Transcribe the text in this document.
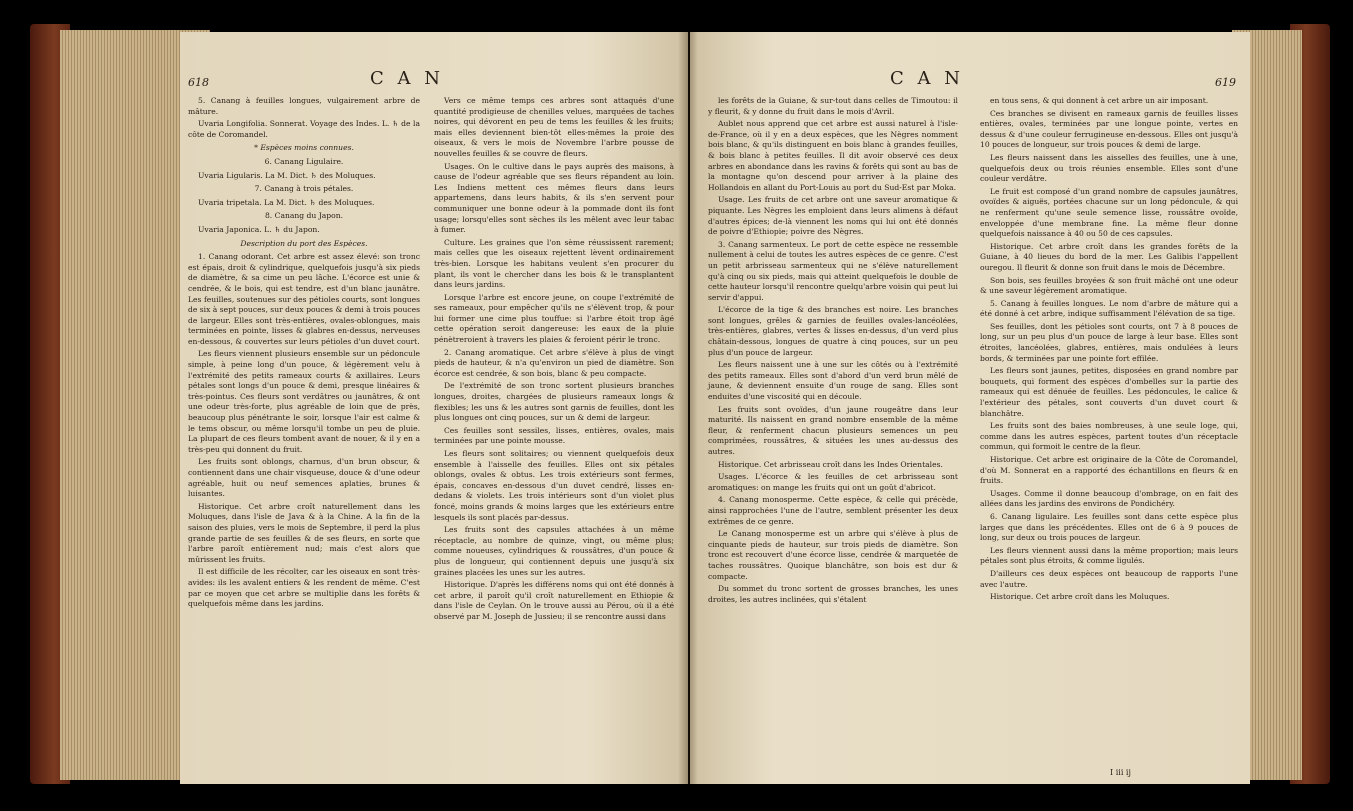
618	C A N

5. Canang à feuilles longues, vulgairement arbre de mâture.

Uvaria Longifolia. Sonnerat. Voyage des Indes. L. ♄ de la côte de Coromandel.

* Espèces moins connues.

6. Canang Ligulaire.

Uvaria Ligularis. La M. Dict. ♄ des Moluques.

7. Canang à trois pétales.

Uvaria tripetala. La M. Dict. ♄ des Moluques.

8. Canang du Japon.

Uvaria Japonica. L. ♄ du Japon.

Description du port des Espèces.

1. Canang odorant. Cet arbre est assez élevé: son tronc est épais, droit & cylindrique, quelquefois jusqu'à six pieds de diamètre, & sa cime un peu lâche. L'écorce est unie & cendrée, & le bois, qui est tendre, est d'un blanc jaunâtre. Les feuilles, soutenues sur des pétioles courts, sont longues de six à sept pouces, sur deux pouces & demi à trois pouces de largeur. Elles sont très-entières, ovales-oblongues, mais terminées en pointe, lisses & glabres en-dessus, nerveuses en-dessous, & couvertes sur leurs pétioles d'un duvet court.

Les fleurs viennent plusieurs ensemble sur un pédoncule simple, à peine long d'un pouce, & légèrement velu à l'extrémité des petits rameaux courts & axillaires. Leurs pétales sont longs d'un pouce & demi, presque linéaires & très-pointus. Ces fleurs sont verdâtres ou jaunâtres, & ont une odeur très-forte, plus agréable de loin que de près, beaucoup plus pénétrante le soir, lorsque l'air est calme & le tems obscur, ou même lorsqu'il tombe un peu de pluie. La plupart de ces fleurs tombent avant de nouer, & il y en a très-peu qui donnent du fruit.

Les fruits sont oblongs, charnus, d'un brun obscur, & contiennent dans une chair visqueuse, douce & d'une odeur agréable, huit ou neuf semences aplaties, brunes & luisantes.

Historique. Cet arbre croît naturellement dans les Moluques, dans l'isle de Java & à la Chine. A la fin de la saison des pluies, vers le mois de Septembre, il perd la plus grande partie de ses feuilles & de ses fleurs, en sorte que l'arbre paroît entièrement nud; mais c'est alors que mûrissent les fruits.

Il est difficile de les récolter, car les oiseaux en sont très-avides: ils les avalent entiers & les rendent de même. C'est par ce moyen que cet arbre se multiplie dans les forêts & quelquefois même dans les jardins.

Vers ce même temps ces arbres sont attaqués d'une quantité prodigieuse de chenilles velues, marquées de taches noires, qui dévorent en peu de tems les feuilles & les fruits; mais elles deviennent bien-tôt elles-mêmes la proie des oiseaux, & vers le mois de Novembre l'arbre pousse de nouvelles feuilles & se couvre de fleurs.

Usages. On le cultive dans le pays auprès des maisons, à cause de l'odeur agréable que ses fleurs répandent au loin. Les Indiens mettent ces mêmes fleurs dans leurs appartemens, dans leurs habits, & ils s'en servent pour communiquer une bonne odeur à la pommade dont ils font usage; lorsqu'elles sont sèches ils les mêlent avec leur tabac à fumer.

Culture. Les graines que l'on sème réussissent rarement; mais celles que les oiseaux rejettent lèvent ordinairement très-bien. Lorsque les habitans veulent s'en procurer du plant, ils vont le chercher dans les bois & le transplantent dans leurs jardins.

Lorsque l'arbre est encore jeune, on coupe l'extrémité de ses rameaux, pour empêcher qu'ils ne s'élèvent trop, & pour lui former une cime plus touffue: si l'arbre étoit trop âgé cette opération seroit dangereuse: les eaux de la pluie pénètreroient à travers les plaies & feroient périr le tronc.

2. Canang aromatique. Cet arbre s'élève à plus de vingt pieds de hauteur, & n'a qu'environ un pied de diamètre. Son écorce est cendrée, & son bois, blanc & peu compacte.

De l'extrémité de son tronc sortent plusieurs branches longues, droites, chargées de plusieurs rameaux longs & flexibles; les uns & les autres sont garnis de feuilles, dont les plus longues ont cinq pouces, sur un & demi de largeur.

Ces feuilles sont sessiles, lisses, entières, ovales, mais terminées par une pointe mousse.

Les fleurs sont solitaires; ou viennent quelquefois deux ensemble à l'aisselle des feuilles. Elles ont six pétales oblongs, ovales & obtus. Les trois extérieurs sont fermes, épais, concaves en-dessous d'un duvet cendré, lisses en-dedans & violets. Les trois intérieurs sont d'un violet plus foncé, moins grands & moins larges que les extérieurs entre lesquels ils sont placés par-dessus.

Les fruits sont des capsules attachées à un même réceptacle, au nombre de quinze, vingt, ou même plus; comme noueuses, cylindriques & roussâtres, d'un pouce & plus de longueur, qui contiennent depuis une jusqu'à six graines placées les unes sur les autres.

Historique. D'après les différens noms qui ont été donnés à cet arbre, il paroît qu'il croît naturellement en Ethiopie & dans l'isle de Ceylan. On le trouve aussi au Pérou, où il a été observé par M. Joseph de Jussieu; il se rencontre aussi dans

C A N	619

les forêts de la Guiane, & sur-tout dans celles de Timoutou: il y fleurit, & y donne du fruit dans le mois d'Avril.

Aublet nous apprend que cet arbre est aussi naturel à l'isle-de-France, où il y en a deux espèces, que les Nègres nomment bois blanc, & qu'ils distinguent en bois blanc à grandes feuilles, & bois blanc à petites feuilles. Il dit avoir observé ces deux arbres en abondance dans les ravins & forêts qui sont au bas de la montagne qu'on descend pour arriver à la plaine des Hollandois en allant du Port-Louis au port du Sud-Est par Moka.

Usage. Les fruits de cet arbre ont une saveur aromatique & piquante. Les Nègres les emploient dans leurs alimens à défaut d'autres épices; de-là viennent les noms qui lui ont été donnés de poivre d'Ethiopie; poivre des Nègres.

3. Canang sarmenteux. Le port de cette espèce ne ressemble nullement à celui de toutes les autres espèces de ce genre. C'est un petit arbrisseau sarmenteux qui ne s'élève naturellement qu'à cinq ou six pieds, mais qui atteint quelquefois le double de cette hauteur lorsqu'il rencontre quelqu'arbre voisin qui peut lui servir d'appui.

L'écorce de la tige & des branches est noire. Les branches sont longues, grêles & garnies de feuilles ovales-lancéolées, très-entières, glabres, vertes & lisses en-dessus, d'un verd plus châtain-dessous, longues de quatre à cinq pouces, sur un peu plus d'un pouce de largeur.

Les fleurs naissent une à une sur les côtés ou à l'extrémité des petits rameaux. Elles sont d'abord d'un verd brun mêlé de jaune, & deviennent ensuite d'un rouge de sang. Elles sont enduites d'une viscosité qui en découle.

Les fruits sont ovoïdes, d'un jaune rougeâtre dans leur maturité. Ils naissent en grand nombre ensemble de la même fleur, & renferment chacun plusieurs semences un peu comprimées, roussâtres, & situées les unes au-dessus des autres.

Historique. Cet arbrisseau croît dans les Indes Orientales.

Usages. L'écorce & les feuilles de cet arbrisseau sont aromatiques: on mange les fruits qui ont un goût d'abricot.

4. Canang monosperme. Cette espèce, & celle qui précède, ainsi rapprochées l'une de l'autre, semblent présenter les deux extrêmes de ce genre.

Le Canang monosperme est un arbre qui s'élève à plus de cinquante pieds de hauteur, sur trois pieds de diamètre. Son tronc est recouvert d'une écorce lisse, cendrée & marquetée de taches roussâtres. Quoique blanchâtre, son bois est dur & compacte.

Du sommet du tronc sortent de grosses branches, les unes droites, les autres inclinées, qui s'étalent

en tous sens, & qui donnent à cet arbre un air imposant.

Ces branches se divisent en rameaux garnis de feuilles lisses entières, ovales, terminées par une longue pointe, vertes en dessus & d'une couleur ferrugineuse en-dessous. Elles ont jusqu'à 10 pouces de longueur, sur trois pouces & demi de large.

Les fleurs naissent dans les aisselles des feuilles, une à une, quelquefois deux ou trois réunies ensemble. Elles sont d'une couleur verdâtre.

Le fruit est composé d'un grand nombre de capsules jaunâtres, ovoïdes & aiguës, portées chacune sur un long pédoncule, & qui ne renferment qu'une seule semence lisse, roussâtre ovoïde, enveloppée d'une membrane fine. La même fleur donne quelquefois naissance à 40 ou 50 de ces capsules.

Historique. Cet arbre croît dans les grandes forêts de la Guiane, à 40 lieues du bord de la mer. Les Galibis l'appellent ouregou. Il fleurit & donne son fruit dans le mois de Décembre.

Son bois, ses feuilles broyées & son fruit mâché ont une odeur & une saveur légèrement aromatique.

5. Canang à feuilles longues. Le nom d'arbre de mâture qui a été donné à cet arbre, indique suffisamment l'élévation de sa tige.

Ses feuilles, dont les pétioles sont courts, ont 7 à 8 pouces de long, sur un peu plus d'un pouce de large à leur base. Elles sont étroites, lancéolées, glabres, entières, mais ondulées à leurs bords, & terminées par une pointe fort effilée.

Les fleurs sont jaunes, petites, disposées en grand nombre par bouquets, qui forment des espèces d'ombelles sur la partie des rameaux qui est dénuée de feuilles. Les pédoncules, le calice & l'extérieur des pétales, sont couverts d'un duvet court & blanchâtre.

Les fruits sont des baies nombreuses, à une seule loge, qui, comme dans les autres espèces, partent toutes d'un réceptacle commun, qui formoit le centre de la fleur.

Historique. Cet arbre est originaire de la Côte de Coromandel, d'où M. Sonnerat en a rapporté des échantillons en fleurs & en fruits.

Usages. Comme il donne beaucoup d'ombrage, on en fait des allées dans les jardins des environs de Pondichéry.

6. Canang ligulaire. Les feuilles sont dans cette espèce plus larges que dans les précédentes. Elles ont de 6 à 9 pouces de long, sur deux ou trois pouces de largeur.

Les fleurs viennent aussi dans la même proportion; mais leurs pétales sont plus étroits, & comme ligulés.

D'ailleurs ces deux espèces ont beaucoup de rapports l'une avec l'autre.

Historique. Cet arbre croît dans les Moluques.

I iii ij
